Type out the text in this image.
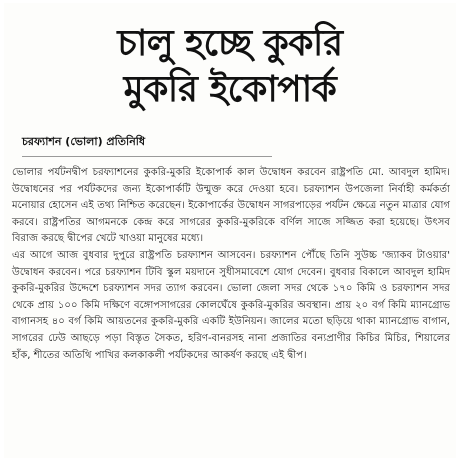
চালু হচ্ছে কুকরি
মুকরি ইকোপার্ক
চরফ্যাশন (ভোলা) প্রতিনিধি

ভোলার পর্যটনদ্বীপ চরফ্যাশনের কুকরি-মুকরি ইকোপার্ক কাল উদ্বোধন করবেন রাষ্ট্রপতি মো. আবদুল হামিদ। উদ্বোধনের পর পর্যটকদের জন্য ইকোপার্কটি উন্মুক্ত করে দেওয়া হবে। চরফ্যাশন উপজেলা নির্বাহী কর্মকর্তা মনোয়ার হোসেন এই তথ্য নিশ্চিত করেছেন। ইকোপার্কের উদ্বোধন সাগরপাড়ের পর্যটন ক্ষেত্রে নতুন মাত্রার যোগ করবে। রাষ্ট্রপতির আগমনকে কেন্দ্র করে সাগরের কুকরি-মুকরিকে বর্ণিল সাজে সজ্জিত করা হয়েছে। উৎসব বিরাজ করছে দ্বীপের খেটে খাওয়া মানুষের মধ্যে।

এর আগে আজ বুধবার দুপুরে রাষ্ট্রপতি চরফ্যাশন আসবেন। চরফ্যাশন পৌঁছে তিনি সুউচ্চ 'জ্যাকব টাওয়ার' উদ্বোধন করবেন। পরে চরফ্যাশন টিবি স্কুল ময়দানে সুধীসমাবেশে যোগ দেবেন। বুধবার বিকালে আবদুল হামিদ কুকরি-মুকরির উদ্দেশে চরফ্যাশন সদর ত্যাগ করবেন। ভোলা জেলা সদর থেকে ১৭০ কিমি ও চরফ্যাশন সদর থেকে প্রায় ১০০ কিমি দক্ষিণে বঙ্গোপসাগরের কোলঘেঁষে কুকরি-মুকরির অবস্থান। প্রায় ২০ বর্গ কিমি ম্যানগ্রোভ বাগানসহ ৪০ বর্গ কিমি আয়তনের কুকরি-মুকরি একটি ইউনিয়ন। জালের মতো ছড়িয়ে থাকা ম্যানগ্রোভ বাগান, সাগরের ঢেউ আছড়ে পড়া বিস্তৃত সৈকত, হরিণ-বানরসহ নানা প্রজাতির বন্যপ্রাণীর কিচির মিচির, শিয়ালের হাঁক, শীতের অতিথি পাখির কলকাকলী পর্যটকদের আকর্ষণ করছে এই দ্বীপ।
